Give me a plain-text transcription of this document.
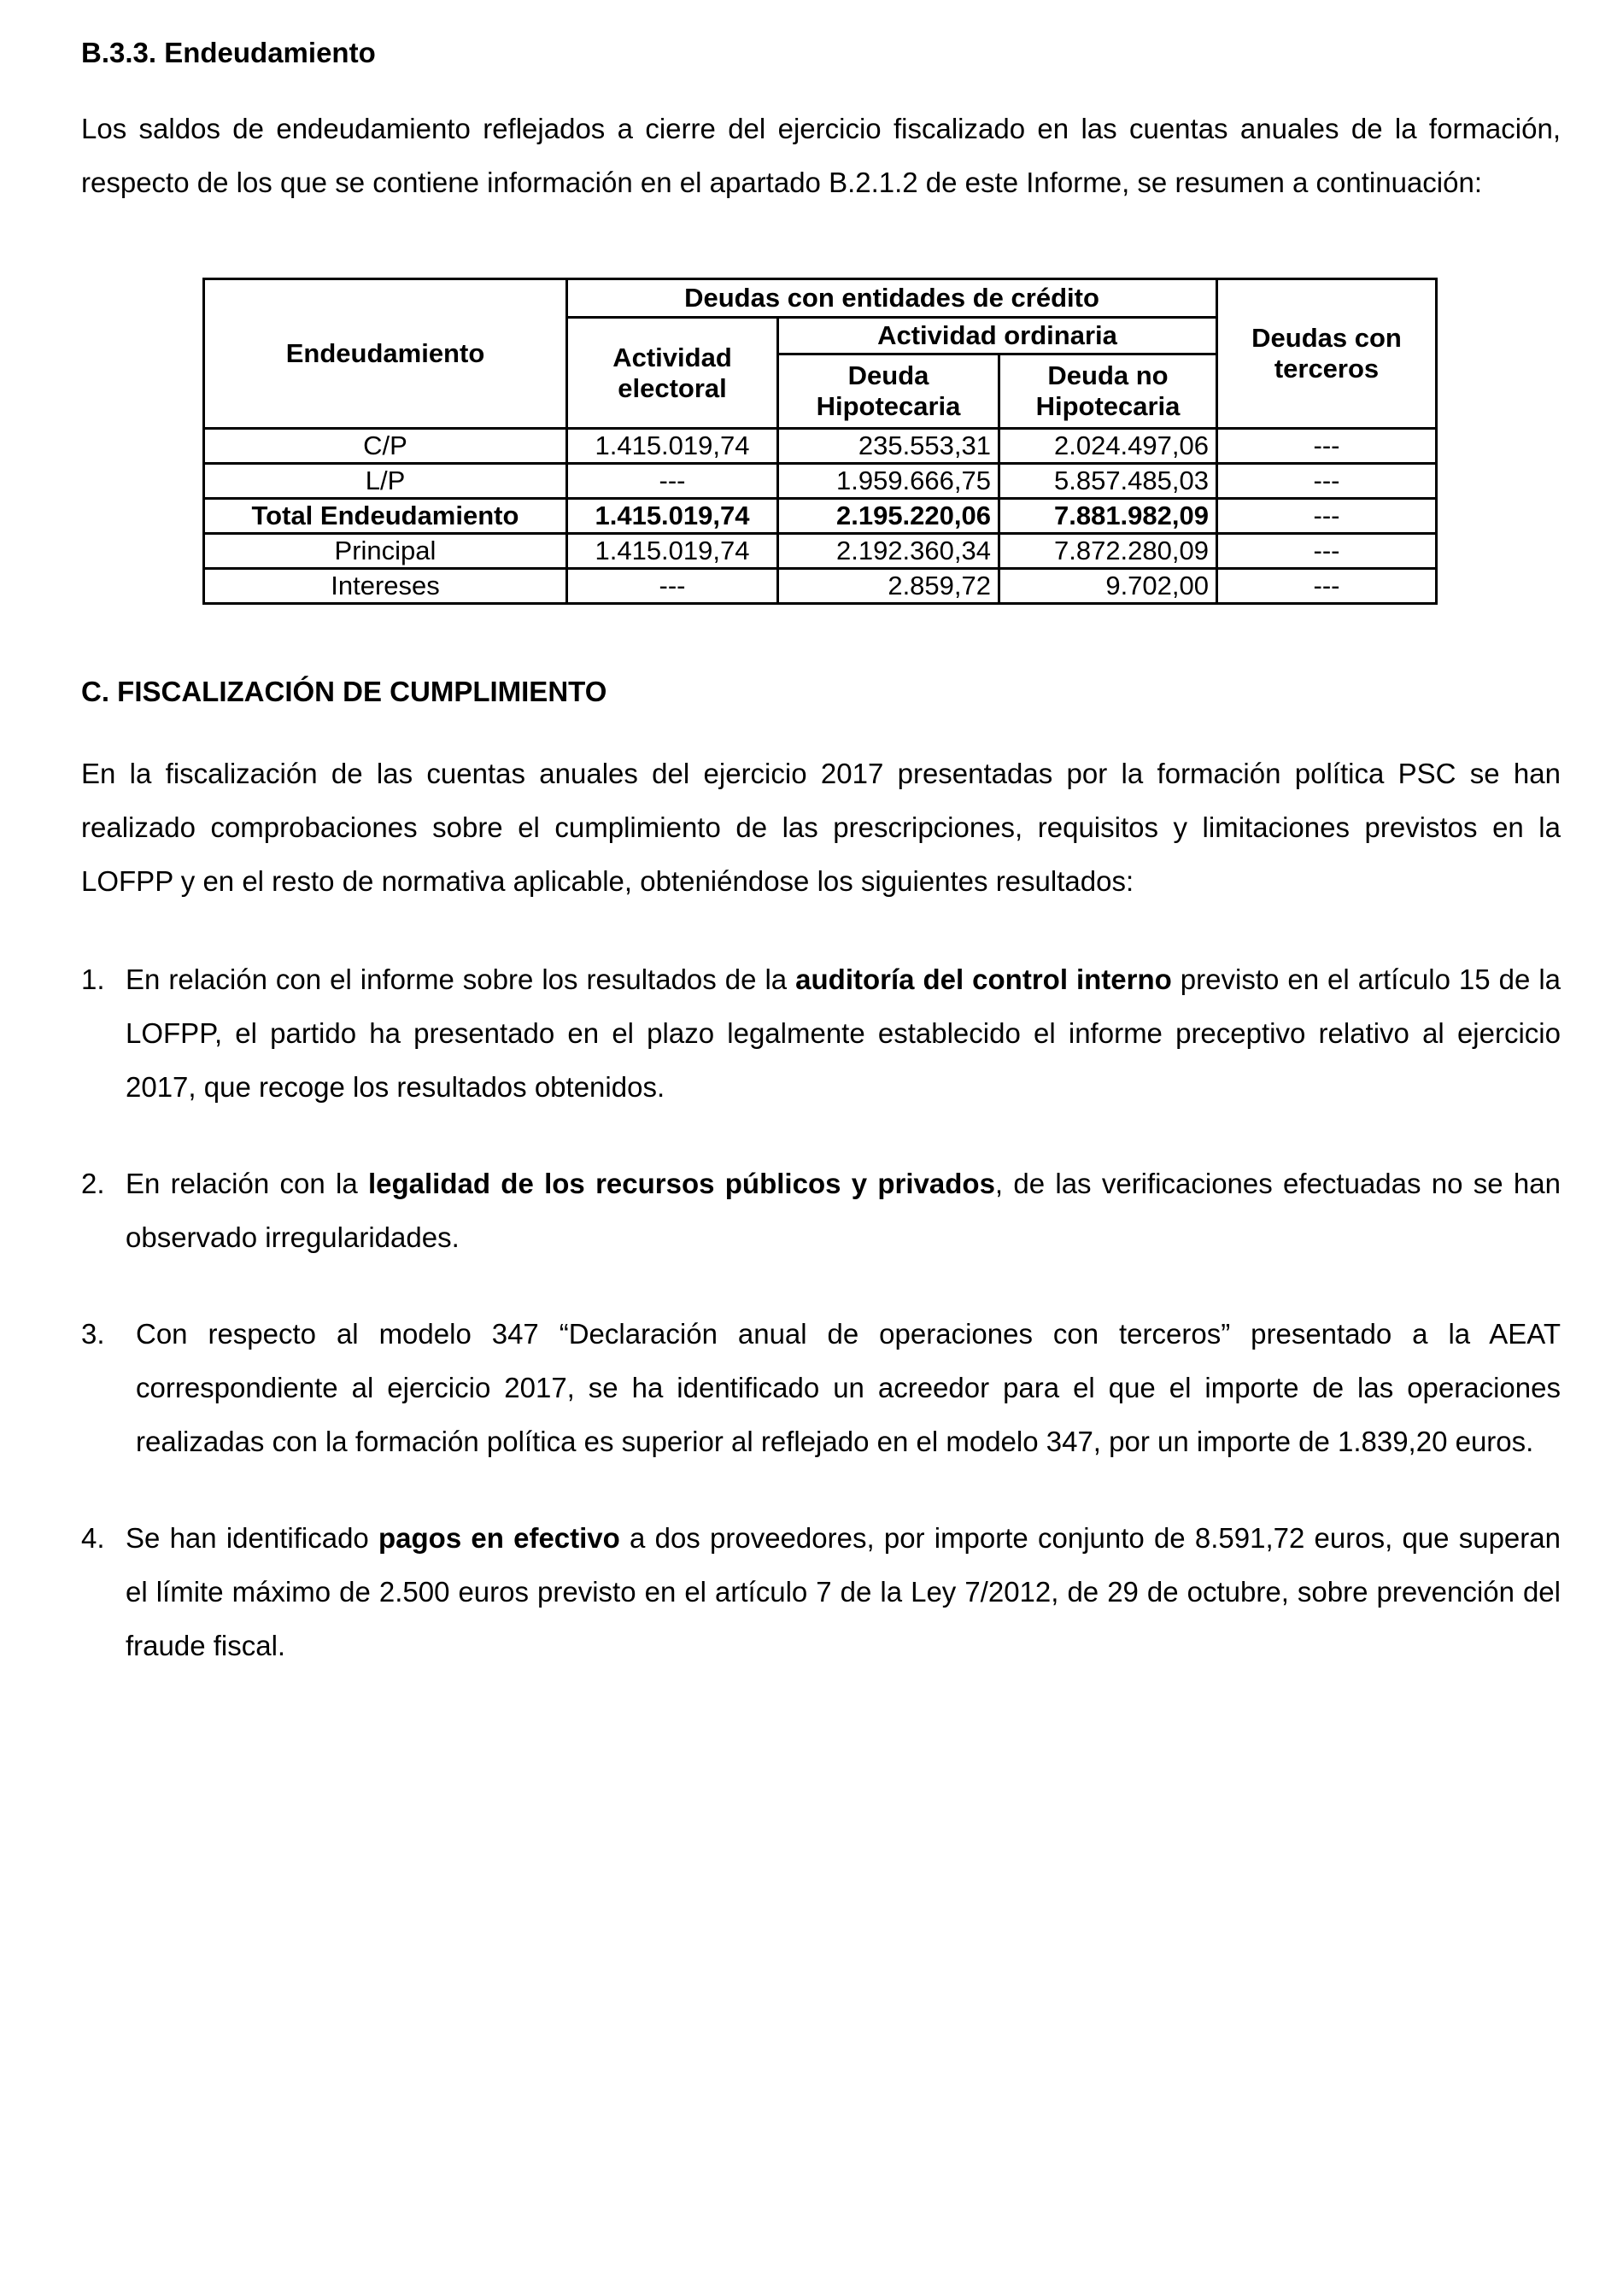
B.3.3. Endeudamiento

Los saldos de endeudamiento reflejados a cierre del ejercicio fiscalizado en las cuentas anuales de la formación, respecto de los que se contiene información en el apartado B.2.1.2 de este Informe, se resumen a continuación:

Endeudamiento	Deudas con entidades de crédito			Deudas con terceros
	Actividad electoral	Actividad ordinaria		
		Deuda Hipotecaria	Deuda no Hipotecaria	
C/P	1.415.019,74	235.553,31	2.024.497,06	---
L/P	---	1.959.666,75	5.857.485,03	---
Total Endeudamiento	1.415.019,74	2.195.220,06	7.881.982,09	---
Principal	1.415.019,74	2.192.360,34	7.872.280,09	---
Intereses	---	2.859,72	9.702,00	---
C. FISCALIZACIÓN DE CUMPLIMIENTO

En la fiscalización de las cuentas anuales del ejercicio 2017 presentadas por la formación política PSC se han realizado comprobaciones sobre el cumplimiento de las prescripciones, requisitos y limitaciones previstos en la LOFPP y en el resto de normativa aplicable, obteniéndose los siguientes resultados:

1. En relación con el informe sobre los resultados de la auditoría del control interno previsto en el artículo 15 de la LOFPP, el partido ha presentado en el plazo legalmente establecido el informe preceptivo relativo al ejercicio 2017, que recoge los resultados obtenidos.
2. En relación con la legalidad de los recursos públicos y privados, de las verificaciones efectuadas no se han observado irregularidades.
3. Con respecto al modelo 347 “Declaración anual de operaciones con terceros” presentado a la AEAT correspondiente al ejercicio 2017, se ha identificado un acreedor para el que el importe de las operaciones realizadas con la formación política es superior al reflejado en el modelo 347, por un importe de 1.839,20 euros.
4. Se han identificado pagos en efectivo a dos proveedores, por importe conjunto de 8.591,72 euros, que superan el límite máximo de 2.500 euros previsto en el artículo 7 de la Ley 7/2012, de 29 de octubre, sobre prevención del fraude fiscal.
